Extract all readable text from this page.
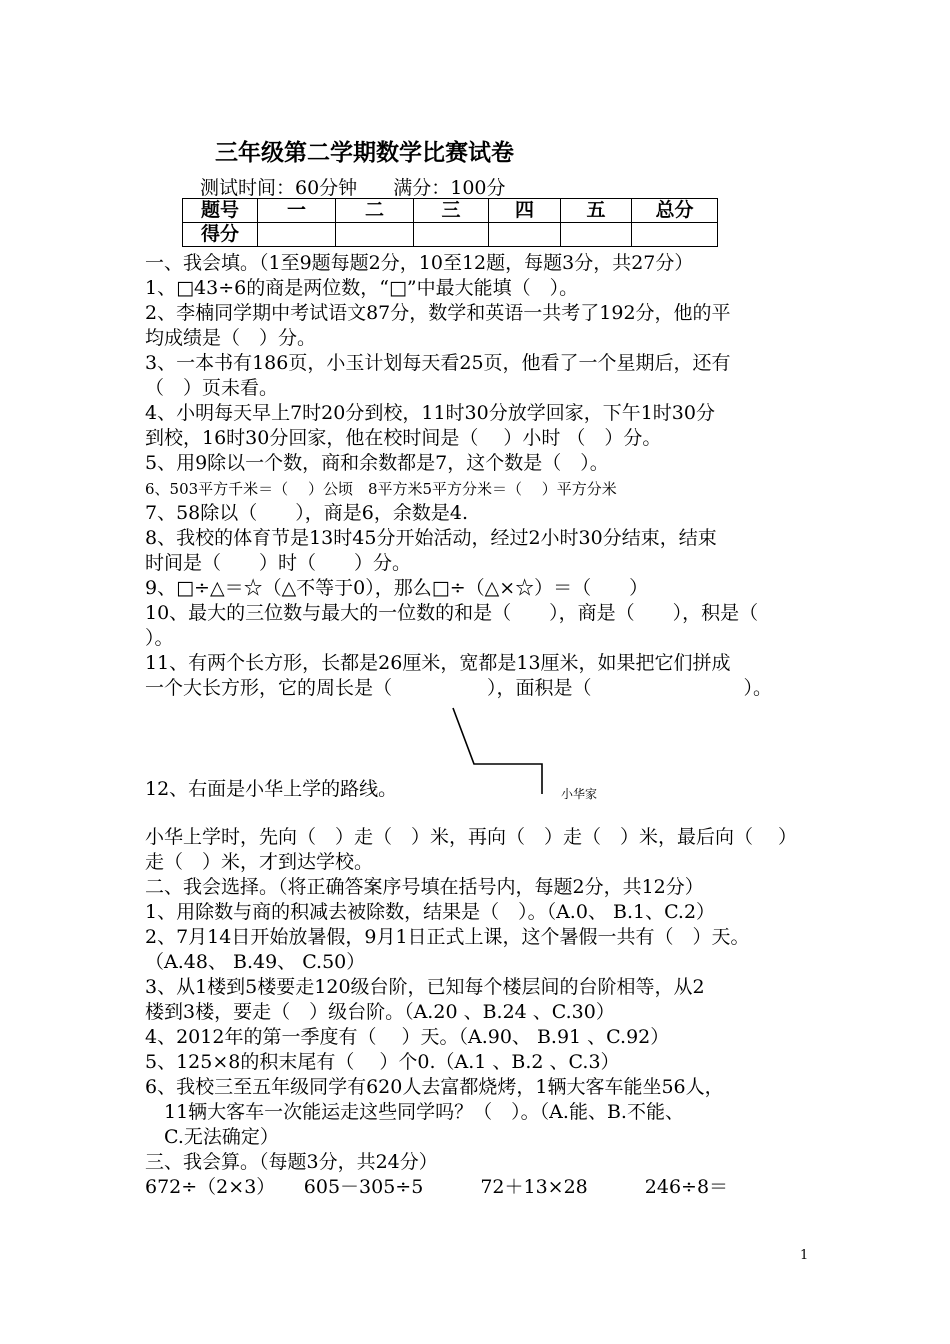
三年级第二学期数学比赛试卷
测试时间：60分钟 满分：100分
题号	一	二	三	四	五	总分
得分						
一、我会填。（1至9题每题2分，10至12题，每题3分，共27分）
1、□43÷6的商是两位数，“□”中最大能填（　）。
2、李楠同学期中考试语文87分，数学和英语一共考了192分，他的平
均成绩是（　）分。
3、一本书有186页，小玉计划每天看25页，他看了一个星期后，还有
（　）页未看。
4、小明每天早上7时20分到校，11时30分放学回家，下午1时30分
到校，16时30分回家，他在校时间是（　 ）小时 （　）分。
5、用9除以一个数，商和余数都是7，这个数是（　）。
6、503平方千米＝（　 ）公顷　8平方米5平方分米＝（　 ）平方分米
7、58除以（　　），商是6，余数是4.
8、我校的体育节是13时45分开始活动，经过2小时30分结束，结束
时间是（　　）时（　　）分。
9、□÷△＝☆（△不等于0），那么□÷（△×☆）＝（　　）
10、最大的三位数与最大的一位数的和是（　　），商是（　　），积是（
）。
11、有两个长方形，长都是26厘米，宽都是13厘米，如果把它们拼成
一个大长方形，它的周长是（　　　　　），面积是（　　　　　　　　）。
小华家
12、右面是小华上学的路线。
小华上学时，先向（　）走（　）米，再向（　）走（　）米，最后向（　 ）
走（　）米，才到达学校。
二、我会选择。（将正确答案序号填在括号内，每题2分，共12分）
1、用除数与商的积减去被除数，结果是（　）。（A.0、 B.1、C.2）
2、7月14日开始放暑假，9月1日正式上课，这个暑假一共有（　）天。
（A.48、 B.49、 C.50）
3、从1楼到5楼要走120级台阶，已知每个楼层间的台阶相等，从2
楼到3楼，要走（　）级台阶。（A.20 、B.24 、C.30）
4、2012年的第一季度有（　 ）天。（A.90、 B.91 、C.92）
5、125×8的积末尾有（　 ）个0.（A.1 、B.2 、C.3）
6、我校三至五年级同学有620人去富都烧烤，1辆大客车能坐56人，
　11辆大客车一次能运走这些同学吗？（　）。（A.能、B.不能、
　C.无法确定）
三、我会算。（每题3分，共24分）
672÷（2×3）　　605－305÷5　　　72＋13×28　　　246÷8＝
1
